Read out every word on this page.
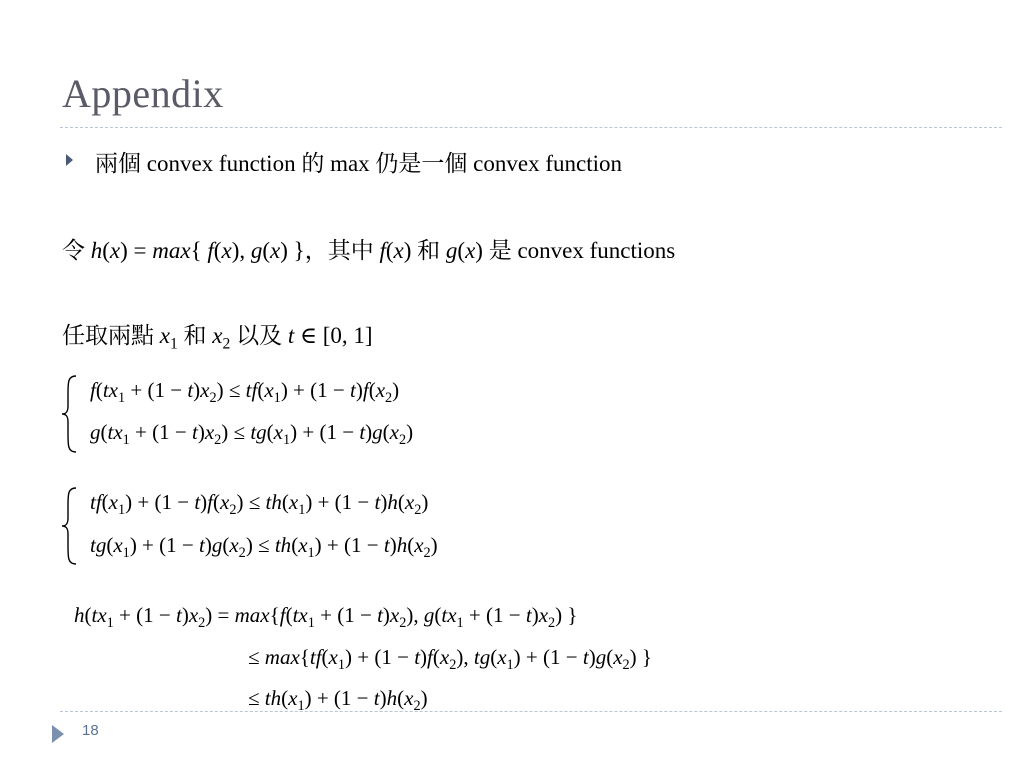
Appendix
兩個 convex function 的 max 仍是一個 convex function
令 h(x) = max{ f(x), g(x) }，其中 f(x) 和 g(x) 是 convex functions
任取兩點 $x_1$ 和 $x_2$ 以及 t ∈ [0, 1]
$f(tx_1 + (1 - t)x_2) \le tf(x_1) + (1 - t)f(x_2)$
$g(tx_1 + (1 - t)x_2) \le tg(x_1) + (1 - t)g(x_2)$
$tf(x_1) + (1 - t)f(x_2) \le th(x_1) + (1 - t)h(x_2)$
$tg(x_1) + (1 - t)g(x_2) \le th(x_1) + (1 - t)h(x_2)$
$h(tx_1 + (1 - t)x_2) = \max\{f(tx_1 + (1 - t)x_2)$, $g(tx_1 + (1 - t)x_2)$ }
≤ $\max\{tf(x_1) + (1 - t)f(x_2)$, $tg(x_1) + (1 - t)g(x_2)$ }
≤ $th(x_1) + (1 - t)h(x_2)$
18
